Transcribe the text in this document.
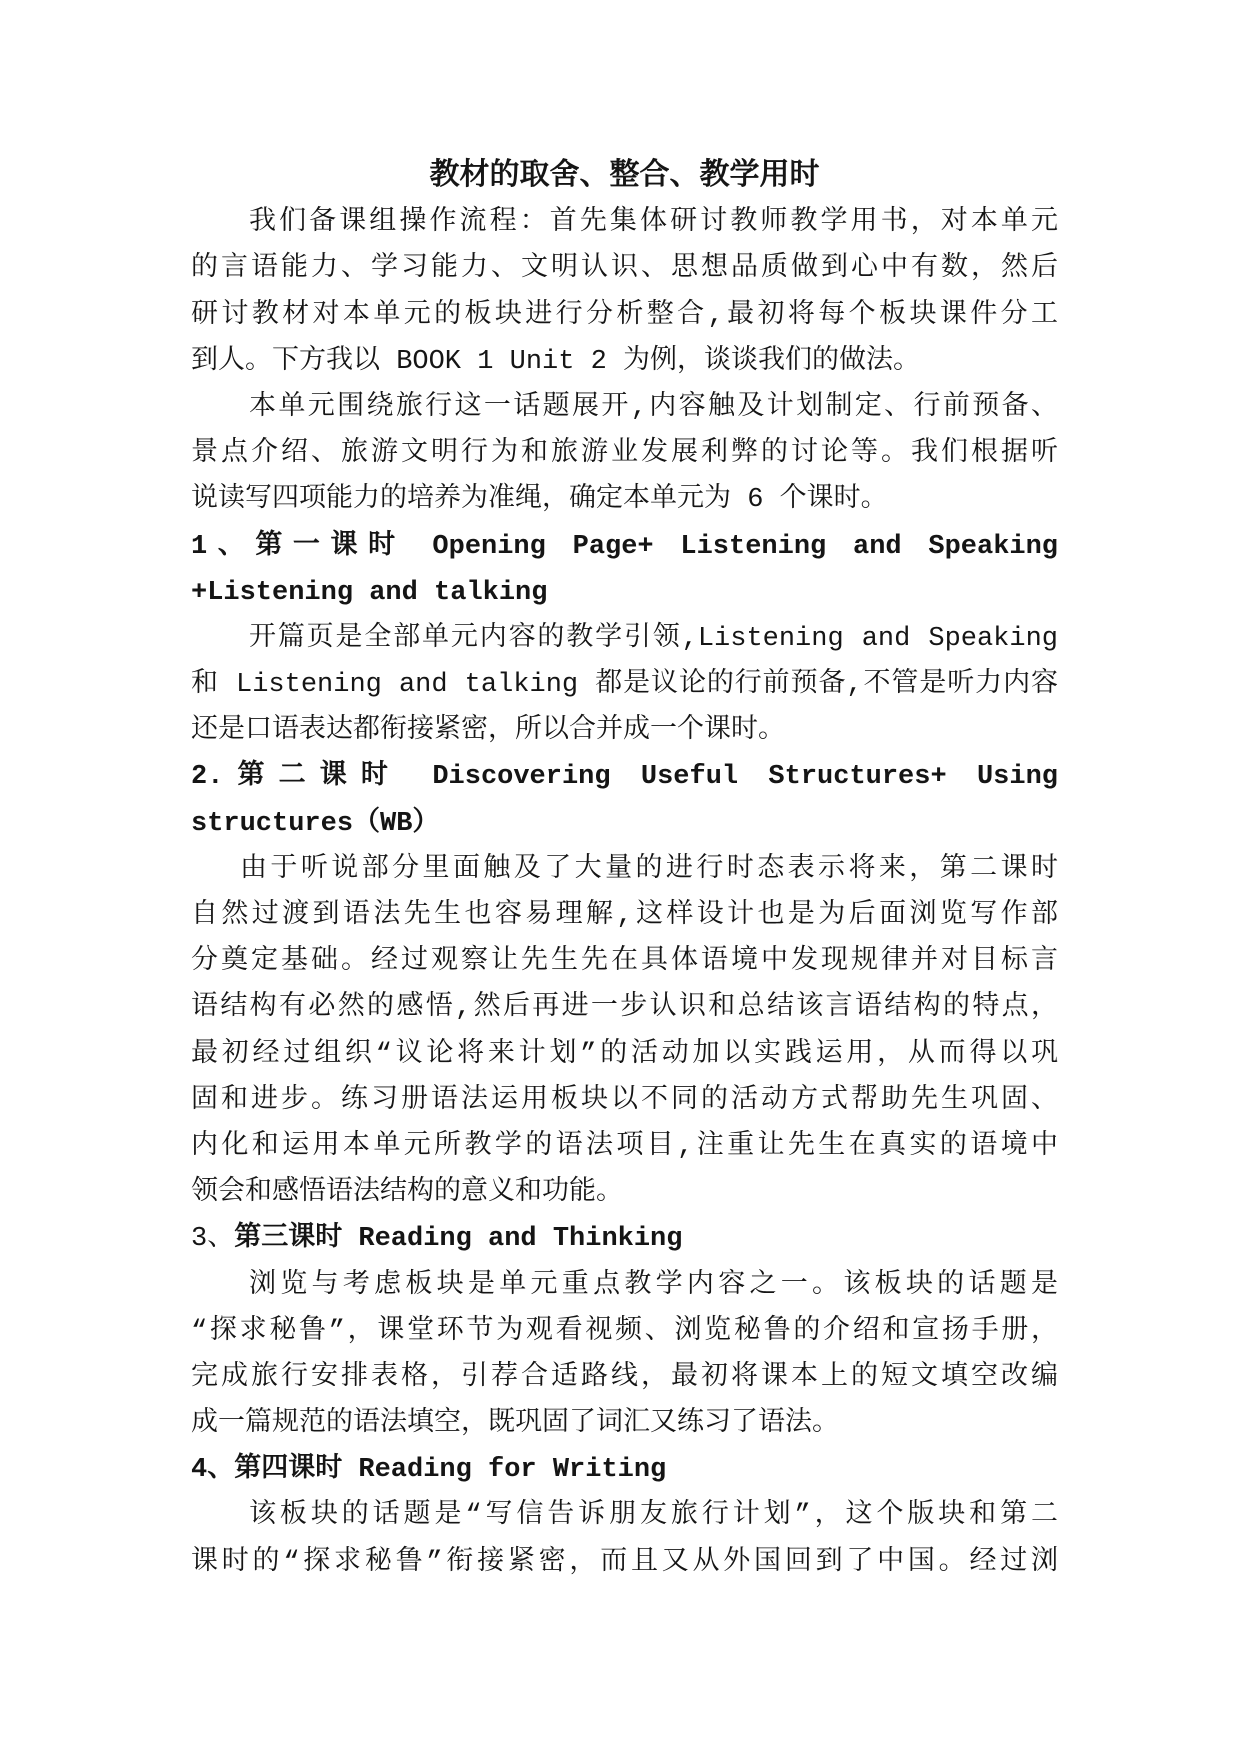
教材的取舍、整合、教学用时
我们备课组操作流程：首先集体研讨教师教学用书，对本单元
的言语能力、学习能力、文明认识、思想品质做到心中有数，然后
研讨教材对本单元的板块进行分析整合,最初将每个板块课件分工
到人。下方我以 BOOK 1 Unit 2 为例，谈谈我们的做法。
本单元围绕旅行这一话题展开,内容触及计划制定、行前预备、
景点介绍、旅游文明行为和旅游业发展利弊的讨论等。我们根据听
说读写四项能力的培养为准绳，确定本单元为 6 个课时。
1、第一课时 Opening Page+ Listening and Speaking
+Listening and talking
开篇页是全部单元内容的教学引领,Listening and Speaking
和 Listening and talking 都是议论的行前预备,不管是听力内容
还是口语表达都衔接紧密，所以合并成一个课时。
2.第二课时 Discovering Useful Structures+ Using
structures（WB）
由于听说部分里面触及了大量的进行时态表示将来，第二课时
自然过渡到语法先生也容易理解,这样设计也是为后面浏览写作部
分奠定基础。经过观察让先生先在具体语境中发现规律并对目标言
语结构有必然的感悟,然后再进一步认识和总结该言语结构的特点，
最初经过组织“议论将来计划”的活动加以实践运用，从而得以巩
固和进步。练习册语法运用板块以不同的活动方式帮助先生巩固、
内化和运用本单元所教学的语法项目,注重让先生在真实的语境中
领会和感悟语法结构的意义和功能。
3、第三课时 Reading and Thinking
浏览与考虑板块是单元重点教学内容之一。该板块的话题是
“探求秘鲁”，课堂环节为观看视频、浏览秘鲁的介绍和宣扬手册，
完成旅行安排表格，引荐合适路线，最初将课本上的短文填空改编
成一篇规范的语法填空，既巩固了词汇又练习了语法。
4、第四课时 Reading for Writing
该板块的话题是“写信告诉朋友旅行计划”，这个版块和第二
课时的“探求秘鲁”衔接紧密，而且又从外国回到了中国。经过浏
